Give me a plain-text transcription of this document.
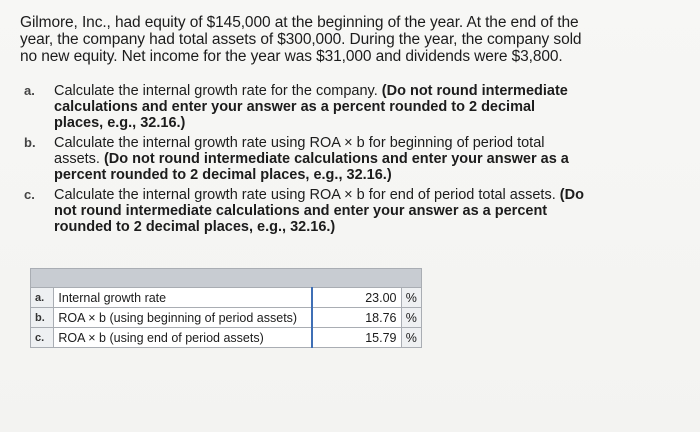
Gilmore, Inc., had equity of $145,000 at the beginning of the year. At the end of the year, the company had total assets of $300,000. During the year, the company sold no new equity. Net income for the year was $31,000 and dividends were $3,800.
a.	Calculate the internal growth rate for the company. (Do not round intermediate calculations and enter your answer as a percent rounded to 2 decimal places, e.g., 32.16.)
b.	Calculate the internal growth rate using ROA × b for beginning of period total assets. (Do not round intermediate calculations and enter your answer as a percent rounded to 2 decimal places, e.g., 32.16.)
c.	Calculate the internal growth rate using ROA × b for end of period total assets. (Do not round intermediate calculations and enter your answer as a percent rounded to 2 decimal places, e.g., 32.16.)

a.	Internal growth rate	23.00	%
b.	ROA × b (using beginning of period assets)	18.76	%
c.	ROA × b (using end of period assets)	15.79	%
